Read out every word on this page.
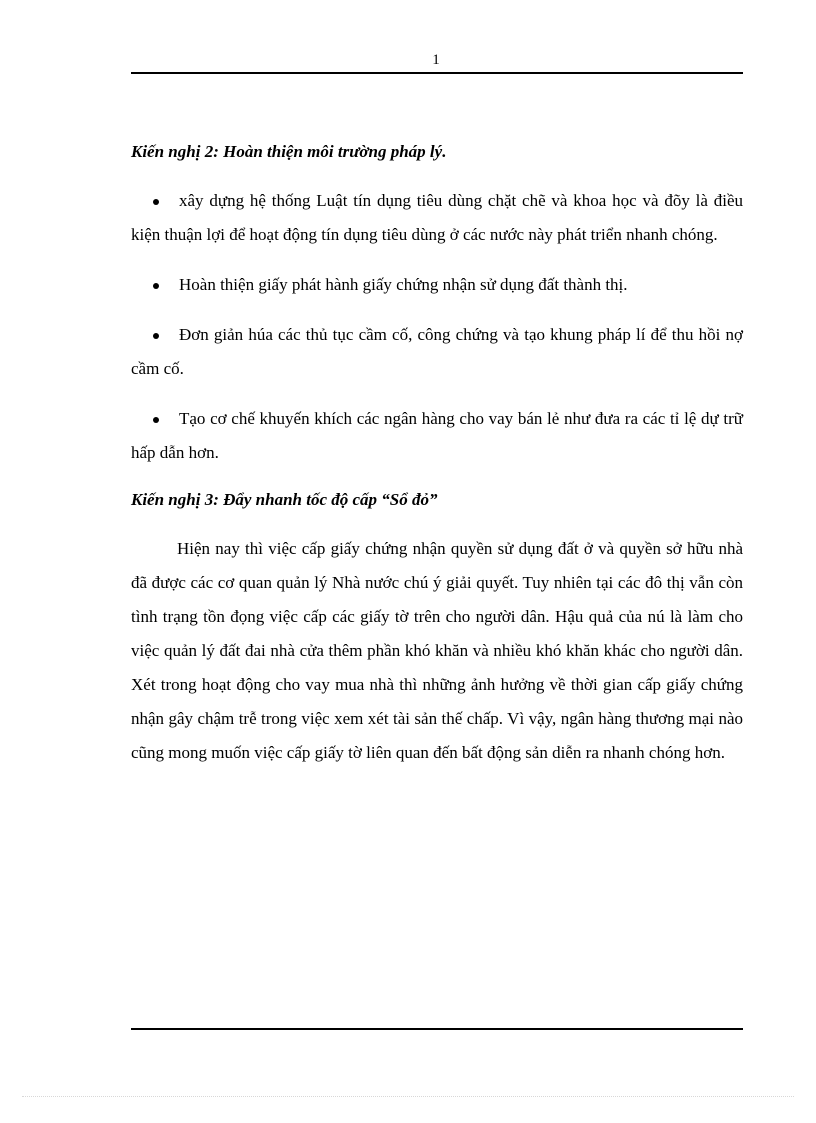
1

Kiến nghị 2: Hoàn thiện môi trường pháp lý.

xây dựng hệ thống Luật tín dụng tiêu dùng chặt chẽ và khoa học và đõy là điều kiện thuận lợi để hoạt động tín dụng tiêu dùng ở các nước này phát triển nhanh chóng.
Hoàn thiện giấy phát hành giấy chứng nhận sử dụng đất thành thị.
Đơn giản húa các thủ tục cầm cố, công chứng và tạo khung pháp lí để thu hồi nợ cầm cố.
Tạo cơ chế khuyến khích các ngân hàng cho vay bán lẻ như đưa ra các tỉ lệ dự trữ hấp dẫn hơn.

Kiến nghị 3: Đẩy nhanh tốc độ cấp “Sổ đỏ”

Hiện nay thì việc cấp giấy chứng nhận quyền sử dụng đất ở và quyền sở hữu nhà đã được các cơ quan quản lý Nhà nước chú ý giải quyết. Tuy nhiên tại các đô thị vẫn còn tình trạng tồn đọng việc cấp các giấy tờ trên cho người dân. Hậu quả của nú là làm cho việc quản lý đất đai nhà cửa thêm phần khó khăn và nhiều khó khăn khác cho người dân. Xét trong hoạt động cho vay mua nhà thì những ảnh hưởng về thời gian cấp giấy chứng nhận gây chậm trễ trong việc xem xét tài sản thế chấp. Vì vậy, ngân hàng thương mại nào cũng mong muốn việc cấp giấy tờ liên quan đến bất động sản diễn ra nhanh chóng hơn.
